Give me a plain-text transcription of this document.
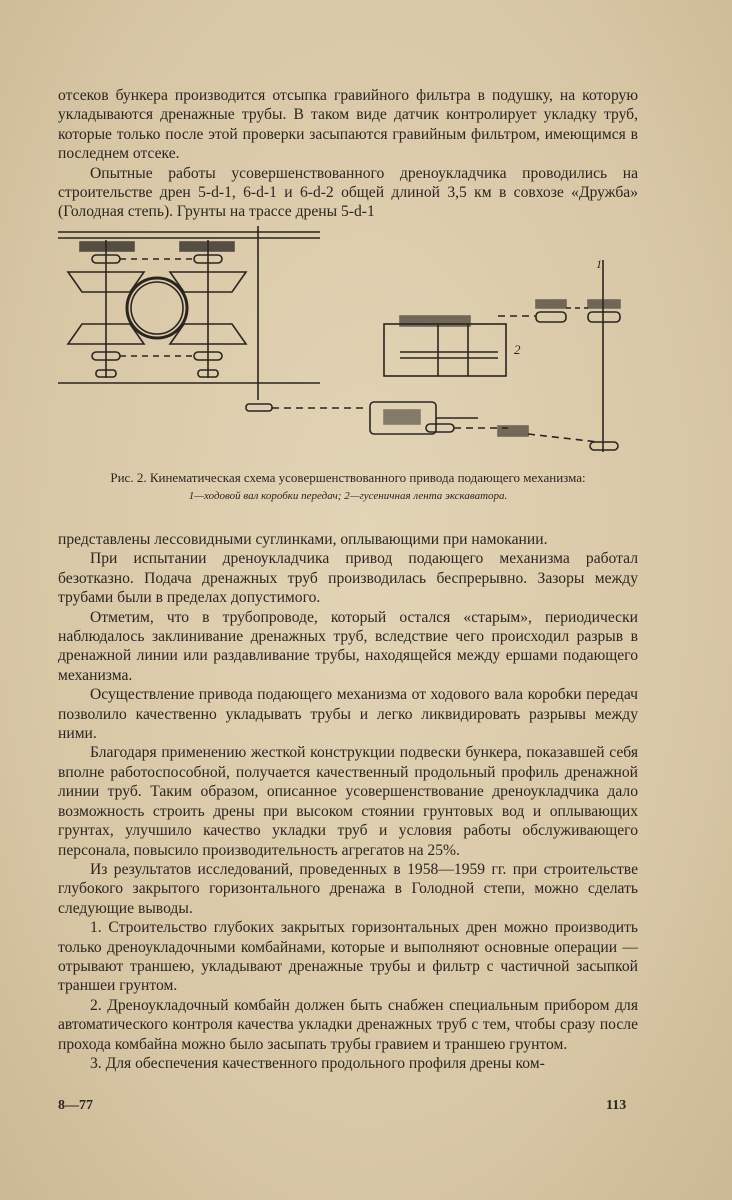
отсеков бункера производится отсыпка гравийного фильтра в подушку, на которую укладываются дренажные трубы. В таком виде датчик контролирует укладку труб, которые только после этой проверки засыпаются гравийным фильтром, имеющимся в последнем отсеке.

Опытные работы усовершенствованного дреноукладчика проводились на строительстве дрен 5-d-1, 6-d-1 и 6-d-2 общей длиной 3,5 км в совхозе «Дружба» (Голодная степь). Грунты на трассе дрены 5-d-1

1
2
Рис. 2. Кинематическая схема усовершенствованного привода подающего механизма:
1—ходовой вал коробки передач; 2—гусеничная лента экскаватора.

представлены лессовидными суглинками, оплывающими при намокании.

При испытании дреноукладчика привод подающего механизма работал безотказно. Подача дренажных труб производилась беспрерывно. Зазоры между трубами были в пределах допустимого.

Отметим, что в трубопроводе, который остался «старым», периодически наблюдалось заклинивание дренажных труб, вследствие чего происходил разрыв в дренажной линии или раздавливание трубы, находящейся между ершами подающего механизма.

Осуществление привода подающего механизма от ходового вала коробки передач позволило качественно укладывать трубы и легко ликвидировать разрывы между ними.

Благодаря применению жесткой конструкции подвески бункера, показавшей себя вполне работоспособной, получается качественный продольный профиль дренажной линии труб. Таким образом, описанное усовершенствование дреноукладчика дало возможность строить дрены при высоком стоянии грунтовых вод и оплывающих грунтах, улучшило качество укладки труб и условия работы обслуживающего персонала, повысило производительность агрегатов на 25%.

Из результатов исследований, проведенных в 1958—1959 гг. при строительстве глубокого закрытого горизонтального дренажа в Голодной степи, можно сделать следующие выводы.

1. Строительство глубоких закрытых горизонтальных дрен можно производить только дреноукладочными комбайнами, которые и выполняют основные операции — отрывают траншею, укладывают дренажные трубы и фильтр с частичной засыпкой траншеи грунтом.

2. Дреноукладочный комбайн должен быть снабжен специальным прибором для автоматического контроля качества укладки дренажных труб с тем, чтобы сразу после прохода комбайна можно было засыпать трубы гравием и траншею грунтом.

3. Для обеспечения качественного продольного профиля дрены ком-

8—77	113
